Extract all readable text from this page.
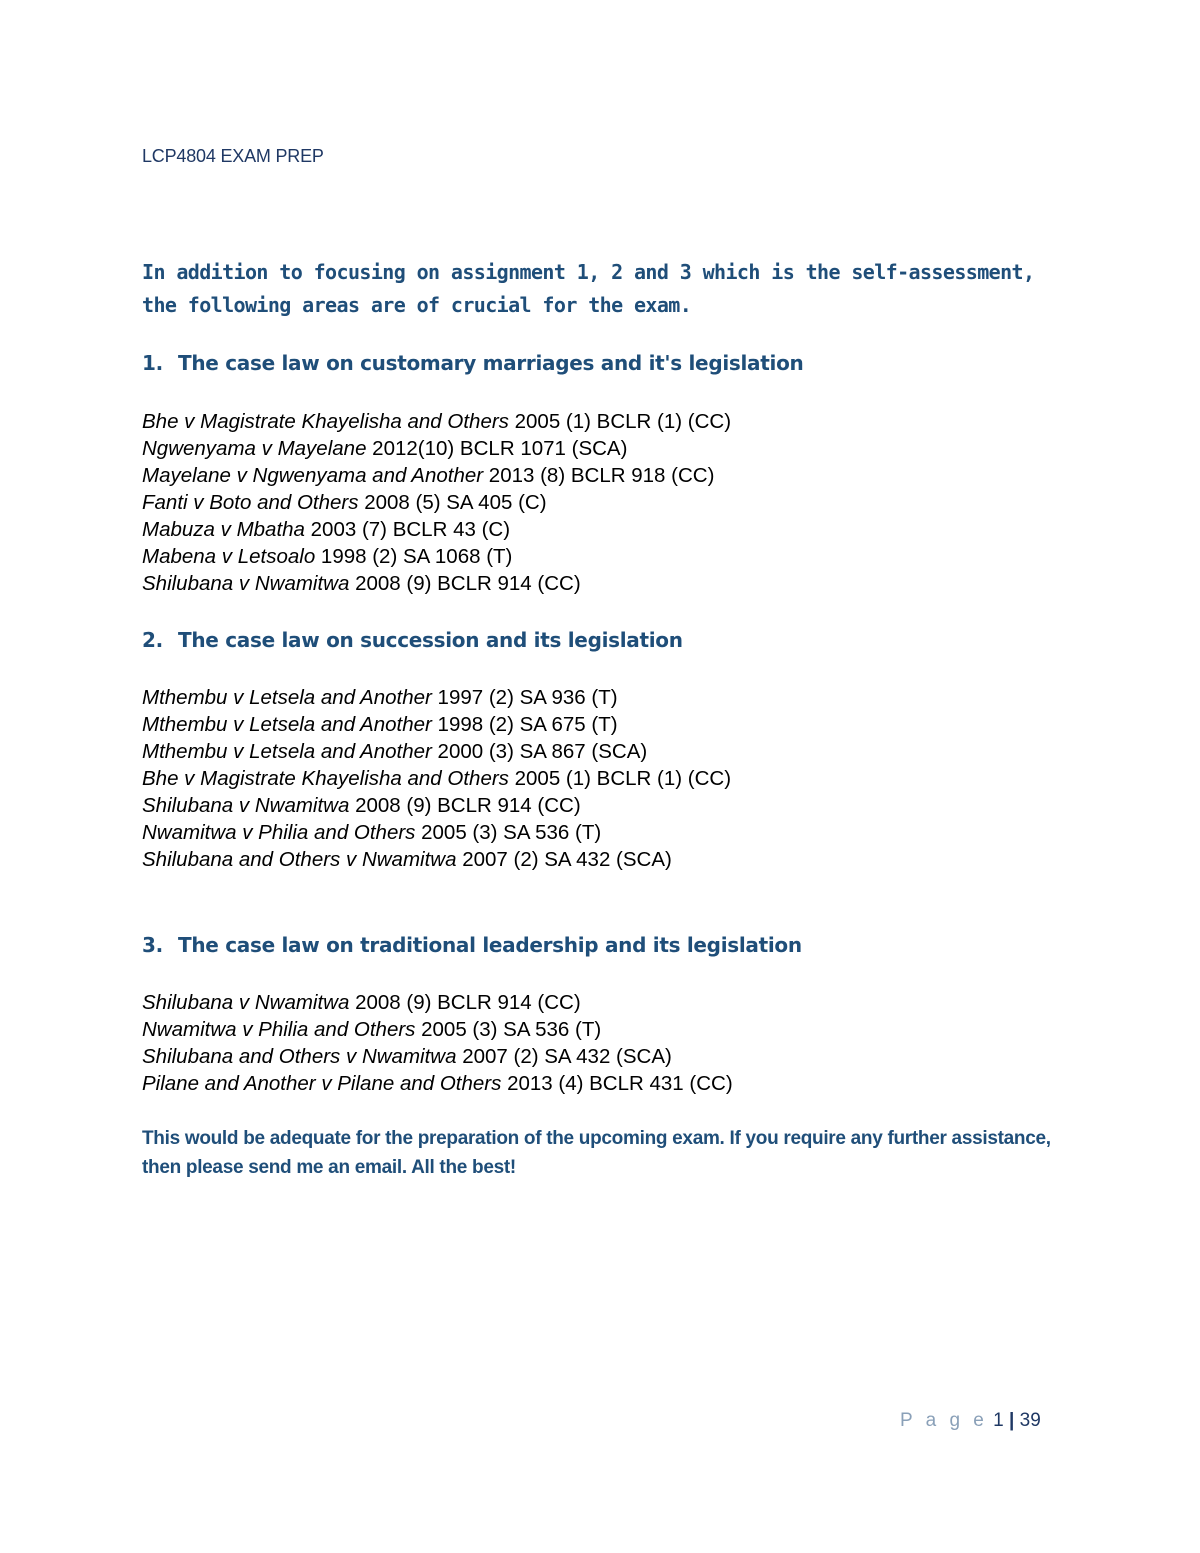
LCP4804 EXAM PREP
In addition to focusing on assignment 1, 2 and 3 which is the self-assessment, the following areas are of crucial for the exam.
1. The case law on customary marriages and it's legislation
Bhe v Magistrate Khayelisha and Others 2005 (1) BCLR (1) (CC)
Ngwenyama v Mayelane 2012(10) BCLR 1071 (SCA)
Mayelane v Ngwenyama and Another 2013 (8) BCLR 918 (CC)
Fanti v Boto and Others 2008 (5) SA 405 (C)
Mabuza v Mbatha 2003 (7) BCLR 43 (C)
Mabena v Letsoalo 1998 (2) SA 1068 (T)
Shilubana v Nwamitwa 2008 (9) BCLR 914 (CC)
2. The case law on succession and its legislation
Mthembu v Letsela and Another 1997 (2) SA 936 (T)
Mthembu v Letsela and Another 1998 (2) SA 675 (T)
Mthembu v Letsela and Another 2000 (3) SA 867 (SCA)
Bhe v Magistrate Khayelisha and Others 2005 (1) BCLR (1) (CC)
Shilubana v Nwamitwa 2008 (9) BCLR 914 (CC)
Nwamitwa v Philia and Others 2005 (3) SA 536 (T)
Shilubana and Others v Nwamitwa 2007 (2) SA 432 (SCA)
3. The case law on traditional leadership and its legislation
Shilubana v Nwamitwa 2008 (9) BCLR 914 (CC)
Nwamitwa v Philia and Others 2005 (3) SA 536 (T)
Shilubana and Others v Nwamitwa 2007 (2) SA 432 (SCA)
Pilane and Another v Pilane and Others 2013 (4) BCLR 431 (CC)
This would be adequate for the preparation of the upcoming exam. If you require any further assistance, then please send me an email. All the best!
P a g e 1 | 39
